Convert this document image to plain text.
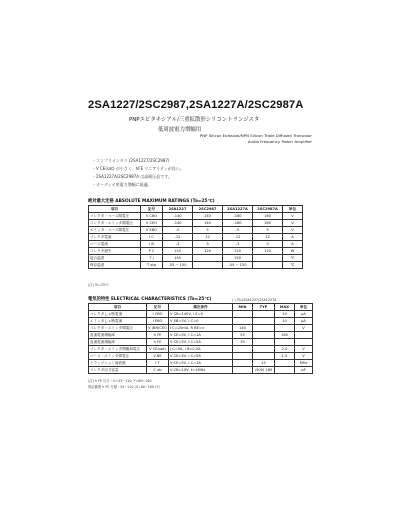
2SA1227/2SC2987,2SA1227A/2SC2987A
PNPエピタキシアル/三重拡散形シリコントランジスタ
低周波電力増幅用
PNP Silicon Epitaxial/NPN Silicon Triple Diffused Transistor
Audio Frequency Power Amplifier
・コンプリメンタリ (2SA1227/2SC2987)
・V CE(sat) が小さく、hFE リニアリティが良い。
・2SA1227A/2SC2987A は高耐圧品です。
・オーディオ用電力増幅に最適。
絶対最大定格 ABSOLUTE MAXIMUM RATINGS (Ta=25℃)
項目	記号	2SA1227	2SC2987	2SA1227A	2SC2987A	単位
コレクタ・ベース間電圧	V CBO	-140	140	-160	160	V
コレクタ・エミッタ間電圧	V CEO	-140	140	-160	160	V
エミッタ・ベース間電圧	V EBO	-5	5	-5	5	V
コレクタ電流	I C	-12	12	-12	12	A
ベース電流	I B	-3	3	-3	3	A
コレクタ損失	P C	120	120	120	120	W
接合温度	T j	150		150		℃
保存温度	T stg	-55 ~ 150		-55 ~ 150		℃
(注) Tc=25℃
電気的特性 ELECTRICAL CHARACTERISTICS (Ta=25℃)	( ) 内は2SA1227/2SA1227A
項目	記号	測定条件	MIN	TYP	MAX	単位
コレクタしゃ断電流	I CBO	V CB=140V, I E=0			10	μA
エミッタしゃ断電流	I EBO	V EB=5V, I C=0			10	μA
コレクタ・エミッタ間電圧	V (BR)CEO	I C=25mA, R BE=∞	140			V
直流電流増幅率	h FE	V CE=5V, I C=1A	55		160	
直流電流増幅率	h FE	V CE=5V, I C=5A	35			
コレクタ・エミッタ間飽和電圧	V CE(sat)	I C=5A, I B=0.5A			2.0	V
ベース・エミッタ間電圧	V BE	V CE=5V, I C=5A			1.5	V
トランジション周波数	f T	V CE=5V, I C=1A		15		MHz
コレクタ出力容量	C ob	V CB=10V, f=1MHz		(300) 180		pF
(注) h FE 区分 : O=55~110, Y=80~160
保証範囲 h FE 分類 : 55~110 (O) 80~160 (Y)
